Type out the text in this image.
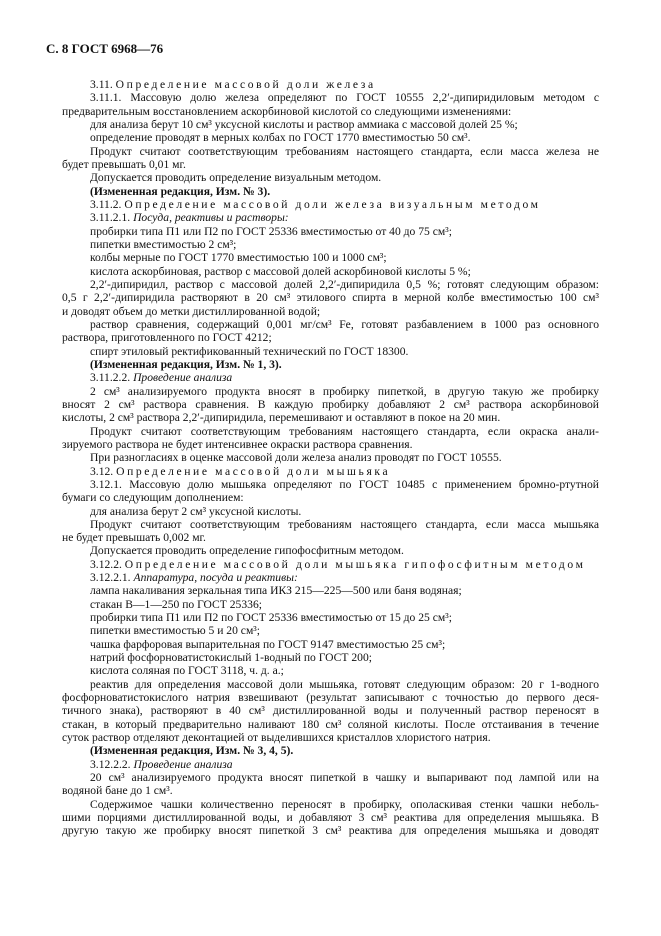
С. 8 ГОСТ 6968—76
3.11. Определение массовой доли железа
3.11.1. Массовую долю железа определяют по ГОСТ 10555 2,2′-дипиридиловым методом с
предварительным восстановлением аскорбиновой кислотой со следующими изменениями:
для анализа берут 10 см³ уксусной кислоты и раствор аммиака с массовой долей 25 %;
определение проводят в мерных колбах по ГОСТ 1770 вместимостью 50 см³.
Продукт считают соответствующим требованиям настоящего стандарта, если масса железа не
будет превышать 0,01 мг.
Допускается проводить определение визуальным методом.
(Измененная редакция, Изм. № 3).
3.11.2. Определение массовой доли железа визуальным методом
3.11.2.1. Посуда, реактивы и растворы:
пробирки типа П1 или П2 по ГОСТ 25336 вместимостью от 40 до 75 см³;
пипетки вместимостью 2 см³;
колбы мерные по ГОСТ 1770 вместимостью 100 и 1000 см³;
кислота аскорбиновая, раствор с массовой долей аскорбиновой кислоты 5 %;
2,2′-дипиридил, раствор с массовой долей 2,2′-дипиридила 0,5 %; готовят следующим образом:
0,5 г 2,2′-дипиридила растворяют в 20 см³ этилового спирта в мерной колбе вместимостью 100 см³
и доводят объем до метки дистиллированной водой;
раствор сравнения, содержащий 0,001 мг/см³ Fe, готовят разбавлением в 1000 раз основного
раствора, приготовленного по ГОСТ 4212;
спирт этиловый ректификованный технический по ГОСТ 18300.
(Измененная редакция, Изм. № 1, 3).
3.11.2.2. Проведение анализа
2 см³ анализируемого продукта вносят в пробирку пипеткой, в другую такую же пробирку
вносят 2 см³ раствора сравнения. В каждую пробирку добавляют 2 см³ раствора аскорбиновой
кислоты, 2 см³ раствора 2,2′-дипиридила, перемешивают и оставляют в покое на 20 мин.
Продукт считают соответствующим требованиям настоящего стандарта, если окраска анали-
зируемого раствора не будет интенсивнее окраски раствора сравнения.
При разногласиях в оценке массовой доли железа анализ проводят по ГОСТ 10555.
3.12. Определение массовой доли мышьяка
3.12.1. Массовую долю мышьяка определяют по ГОСТ 10485 с применением бромно-ртутной
бумаги со следующим дополнением:
для анализа берут 2 см³ уксусной кислоты.
Продукт считают соответствующим требованиям настоящего стандарта, если масса мышьяка
не будет превышать 0,002 мг.
Допускается проводить определение гипофосфитным методом.
3.12.2. Определение массовой доли мышьяка гипофосфитным методом
3.12.2.1. Аппаратура, посуда и реактивы:
лампа накаливания зеркальная типа ИКЗ 215—225—500 или баня водяная;
стакан В—1—250 по ГОСТ 25336;
пробирки типа П1 или П2 по ГОСТ 25336 вместимостью от 15 до 25 см³;
пипетки вместимостью 5 и 20 см³;
чашка фарфоровая выпарительная по ГОСТ 9147 вместимостью 25 см³;
натрий фосфорноватистокислый 1-водный по ГОСТ 200;
кислота соляная по ГОСТ 3118, ч. д. а.;
реактив для определения массовой доли мышьяка, готовят следующим образом: 20 г 1-водного
фосфорноватистокислого натрия взвешивают (результат записывают с точностью до первого деся-
тичного знака), растворяют в 40 см³ дистиллированной воды и полученный раствор переносят в
стакан, в который предварительно наливают 180 см³ соляной кислоты. После отстаивания в течение
суток раствор отделяют деконтацией от выделившихся кристаллов хлористого натрия.
(Измененная редакция, Изм. № 3, 4, 5).
3.12.2.2. Проведение анализа
20 см³ анализируемого продукта вносят пипеткой в чашку и выпаривают под лампой или на
водяной бане до 1 см³.
Содержимое чашки количественно переносят в пробирку, ополаскивая стенки чашки неболь-
шими порциями дистиллированной воды, и добавляют 3 см³ реактива для определения мышьяка. В
другую такую же пробирку вносят пипеткой 3 см³ реактива для определения мышьяка и доводят
